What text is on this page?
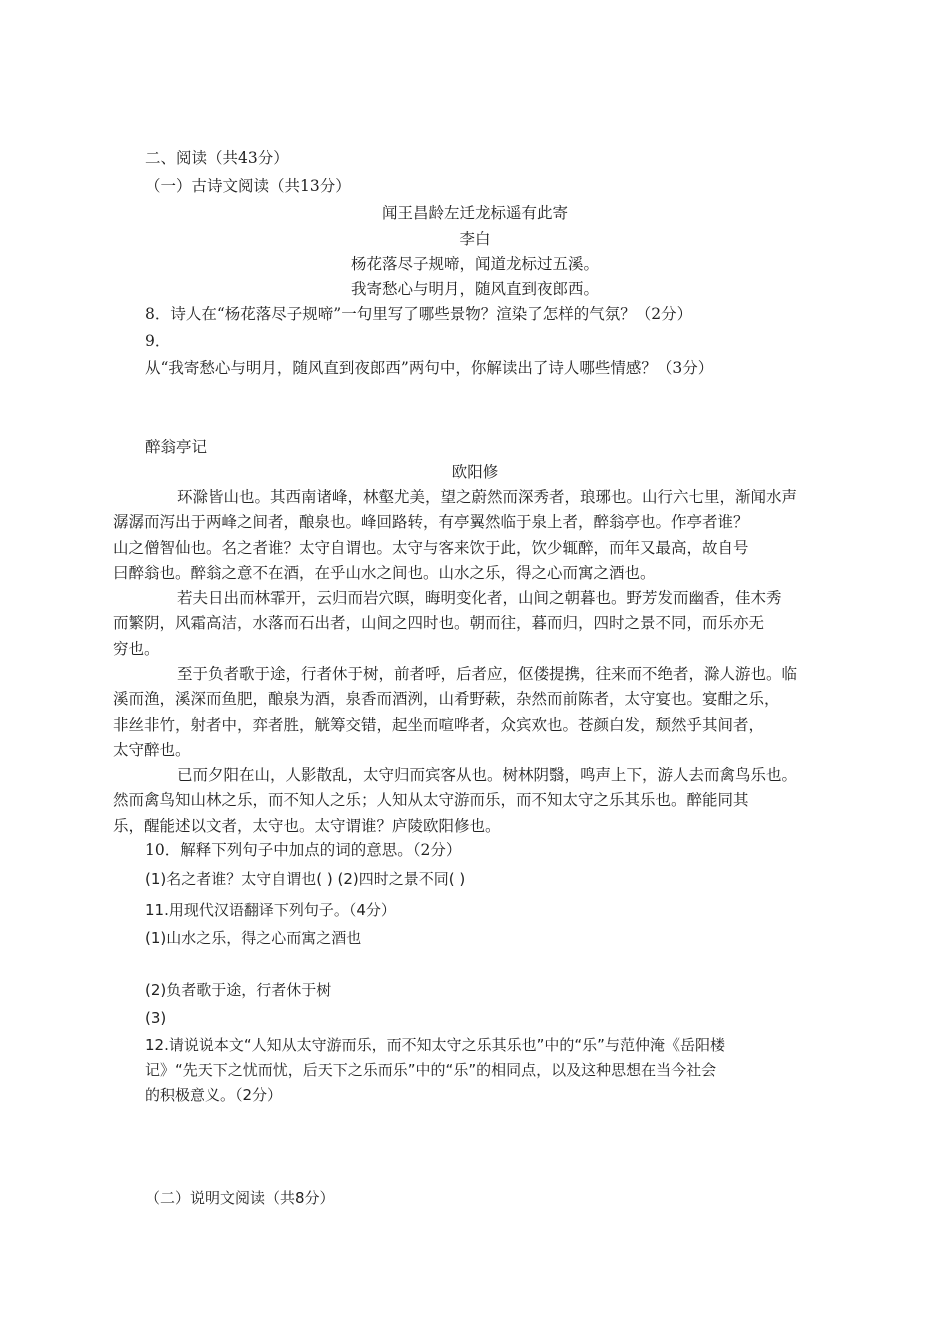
二、阅读（共43分）
（一）古诗文阅读（共13分）
闻王昌龄左迁龙标遥有此寄
李白
杨花落尽子规啼，闻道龙标过五溪。
我寄愁心与明月，随风直到夜郎西。
8．诗人在“杨花落尽子规啼”一句里写了哪些景物？渲染了怎样的气氛？（2分）
9．
从“我寄愁心与明月，随风直到夜郎西”两句中，你解读出了诗人哪些情感？（3分）
醉翁亭记
欧阳修
环滁皆山也。其西南诸峰，林壑尤美，望之蔚然而深秀者，琅琊也。山行六七里，渐闻水声
潺潺而泻出于两峰之间者，酿泉也。峰回路转，有亭翼然临于泉上者，醉翁亭也。作亭者谁？
山之僧智仙也。名之者谁？太守自谓也。太守与客来饮于此，饮少辄醉，而年又最高，故自号
曰醉翁也。醉翁之意不在酒，在乎山水之间也。山水之乐，得之心而寓之酒也。
若夫日出而林霏开，云归而岩穴暝，晦明变化者，山间之朝暮也。野芳发而幽香，佳木秀
而繁阴，风霜高洁，水落而石出者，山间之四时也。朝而往，暮而归，四时之景不同，而乐亦无
穷也。
至于负者歌于途，行者休于树，前者呼，后者应，伛偻提携，往来而不绝者，滁人游也。临
溪而渔，溪深而鱼肥，酿泉为酒，泉香而酒洌，山肴野蔌，杂然而前陈者，太守宴也。宴酣之乐，
非丝非竹，射者中，弈者胜，觥筹交错，起坐而喧哗者，众宾欢也。苍颜白发，颓然乎其间者，
太守醉也。
已而夕阳在山，人影散乱，太守归而宾客从也。树林阴翳，鸣声上下，游人去而禽鸟乐也。
然而禽鸟知山林之乐，而不知人之乐；人知从太守游而乐，而不知太守之乐其乐也。醉能同其
乐，醒能述以文者，太守也。太守谓谁？庐陵欧阳修也。
10．解释下列句子中加点的词的意思。（2分）
(1)名之者谁？太守自谓也( ) (2)四时之景不同( )
11.用现代汉语翻译下列句子。（4分）
(1)山水之乐，得之心而寓之酒也
(2)负者歌于途，行者休于树
(3)
12.请说说本文“人知从太守游而乐，而不知太守之乐其乐也”中的“乐”与范仲淹《岳阳楼
记》“先天下之忧而忧，后天下之乐而乐”中的“乐”的相同点，以及这种思想在当今社会
的积极意义。（2分）
（二）说明文阅读（共8分）
